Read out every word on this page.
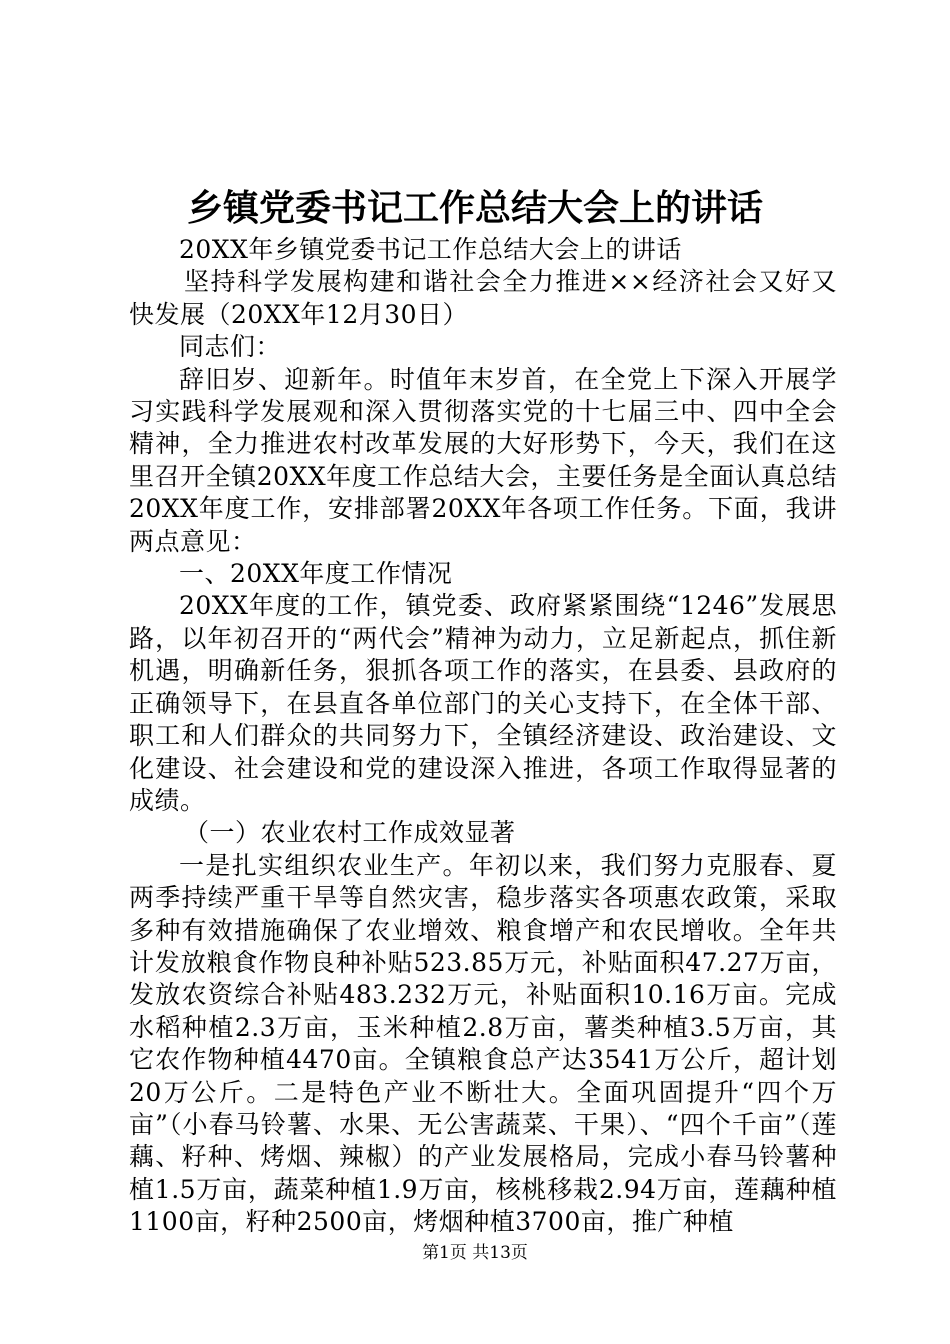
乡镇党委书记工作总结大会上的讲话

20XX年乡镇党委书记工作总结大会上的讲话

坚持科学发展构建和谐社会全力推进××经济社会又好又快发展（20XX年12月30日）

同志们：

辞旧岁、迎新年。时值年末岁首，在全党上下深入开展学习实践科学发展观和深入贯彻落实党的十七届三中、四中全会精神，全力推进农村改革发展的大好形势下，今天，我们在这里召开全镇20XX年度工作总结大会，主要任务是全面认真总结20XX年度工作，安排部署20XX年各项工作任务。下面，我讲两点意见：

一、20XX年度工作情况

20XX年度的工作，镇党委、政府紧紧围绕“1246”发展思路，以年初召开的“两代会”精神为动力，立足新起点，抓住新机遇，明确新任务，狠抓各项工作的落实，在县委、县政府的正确领导下，在县直各单位部门的关心支持下，在全体干部、职工和人们群众的共同努力下，全镇经济建设、政治建设、文化建设、社会建设和党的建设深入推进，各项工作取得显著的成绩。

（一）农业农村工作成效显著

一是扎实组织农业生产。年初以来，我们努力克服春、夏两季持续严重干旱等自然灾害，稳步落实各项惠农政策，采取多种有效措施确保了农业增效、粮食增产和农民增收。全年共计发放粮食作物良种补贴523.85万元，补贴面积47.27万亩，发放农资综合补贴483.232万元，补贴面积10.16万亩。完成水稻种植2.3万亩，玉米种植2.8万亩，薯类种植3.5万亩，其它农作物种植4470亩。全镇粮食总产达3541万公斤，超计划20万公斤。二是特色产业不断壮大。全面巩固提升“四个万亩”（小春马铃薯、水果、无公害蔬菜、干果）、“四个千亩”（莲藕、籽种、烤烟、辣椒）的产业发展格局，完成小春马铃薯种植1.5万亩，蔬菜种植1.9万亩，核桃移栽2.94万亩，莲藕种植1100亩，籽种2500亩，烤烟种植3700亩，推广种植

第1页 共13页
